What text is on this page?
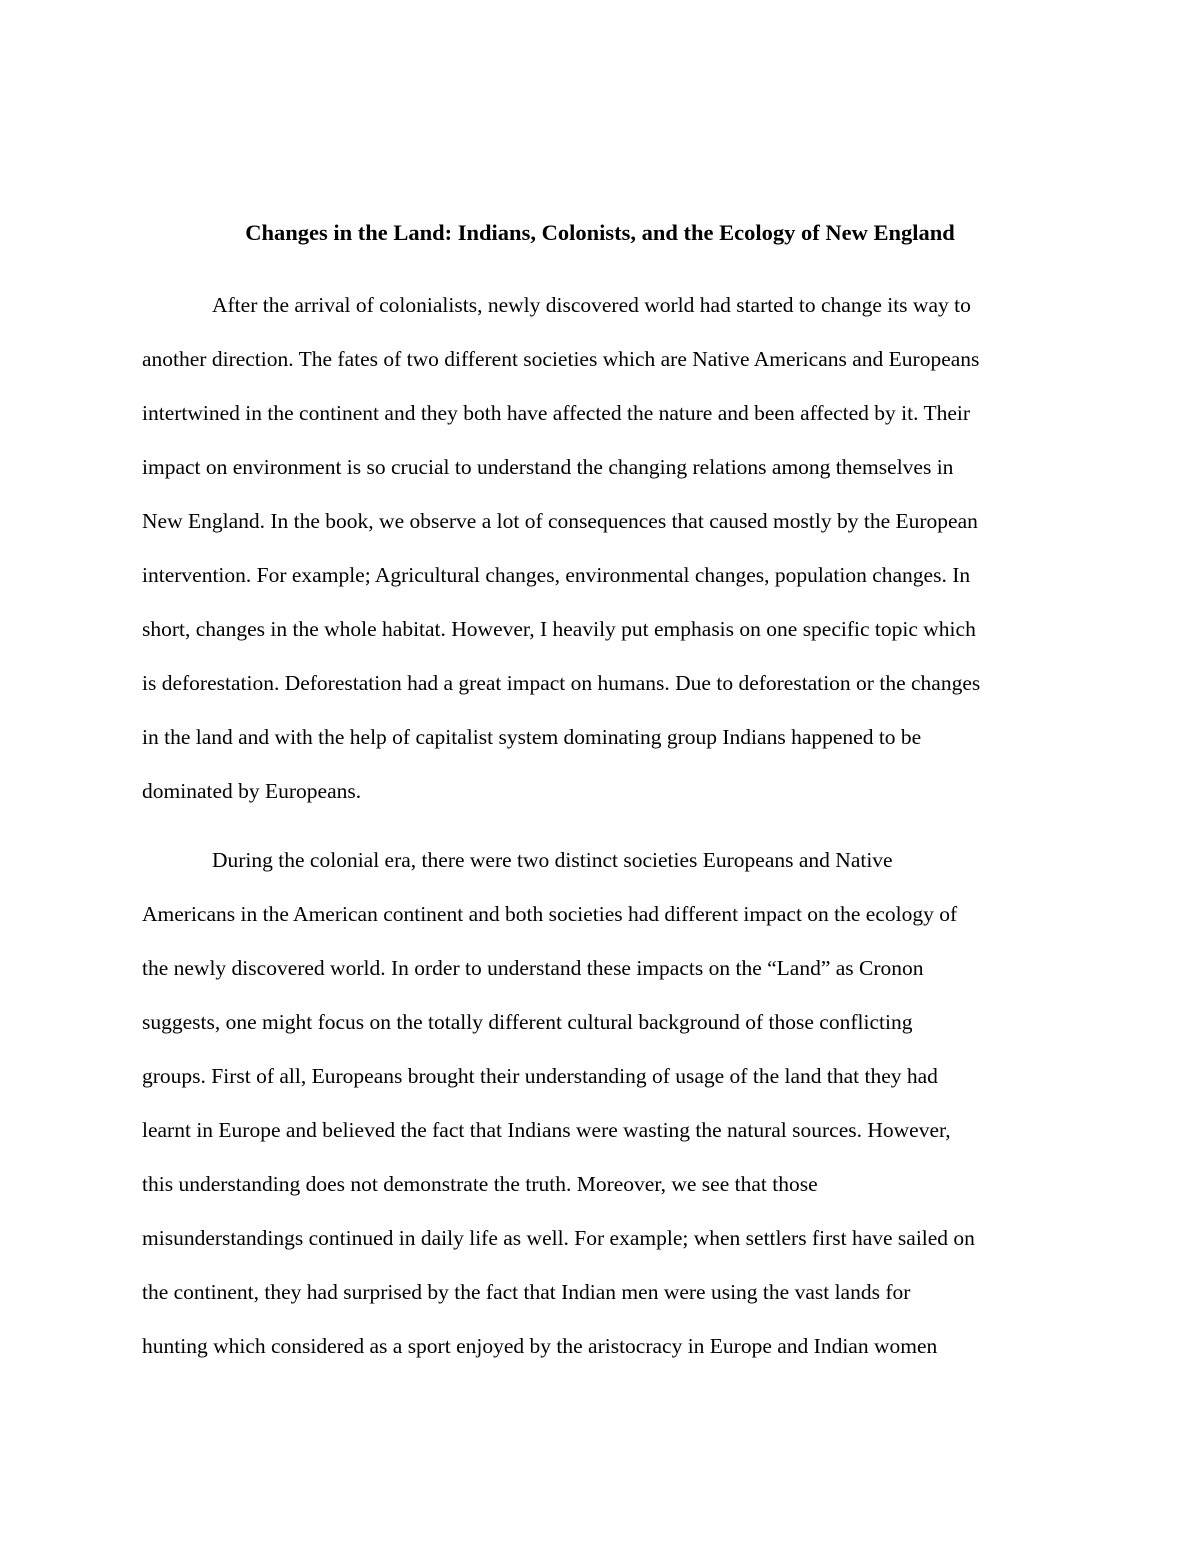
Changes in the Land: Indians, Colonists, and the Ecology of New England

After the arrival of colonialists, newly discovered world had started to change its way to

another direction. The fates of two different societies which are Native Americans and Europeans

intertwined in the continent and they both have affected the nature and been affected by it. Their

impact on environment is so crucial to understand the changing relations among themselves in

New England. In the book, we observe a lot of consequences that caused mostly by the European

intervention. For example; Agricultural changes, environmental changes, population changes. In

short, changes in the whole habitat. However, I heavily put emphasis on one specific topic which

is deforestation. Deforestation had a great impact on humans. Due to deforestation or the changes

in the land and with the help of capitalist system dominating group Indians happened to be

dominated by Europeans.

During the colonial era, there were two distinct societies Europeans and Native

Americans in the American continent and both societies had different impact on the ecology of

the newly discovered world. In order to understand these impacts on the “Land” as Cronon

suggests, one might focus on the totally different cultural background of those conflicting

groups. First of all, Europeans brought their understanding of usage of the land that they had

learnt in Europe and believed the fact that Indians were wasting the natural sources. However,

this understanding does not demonstrate the truth. Moreover, we see that those

misunderstandings continued in daily life as well. For example; when settlers first have sailed on

the continent, they had surprised by the fact that Indian men were using the vast lands for

hunting which considered as a sport enjoyed by the aristocracy in Europe and Indian women
